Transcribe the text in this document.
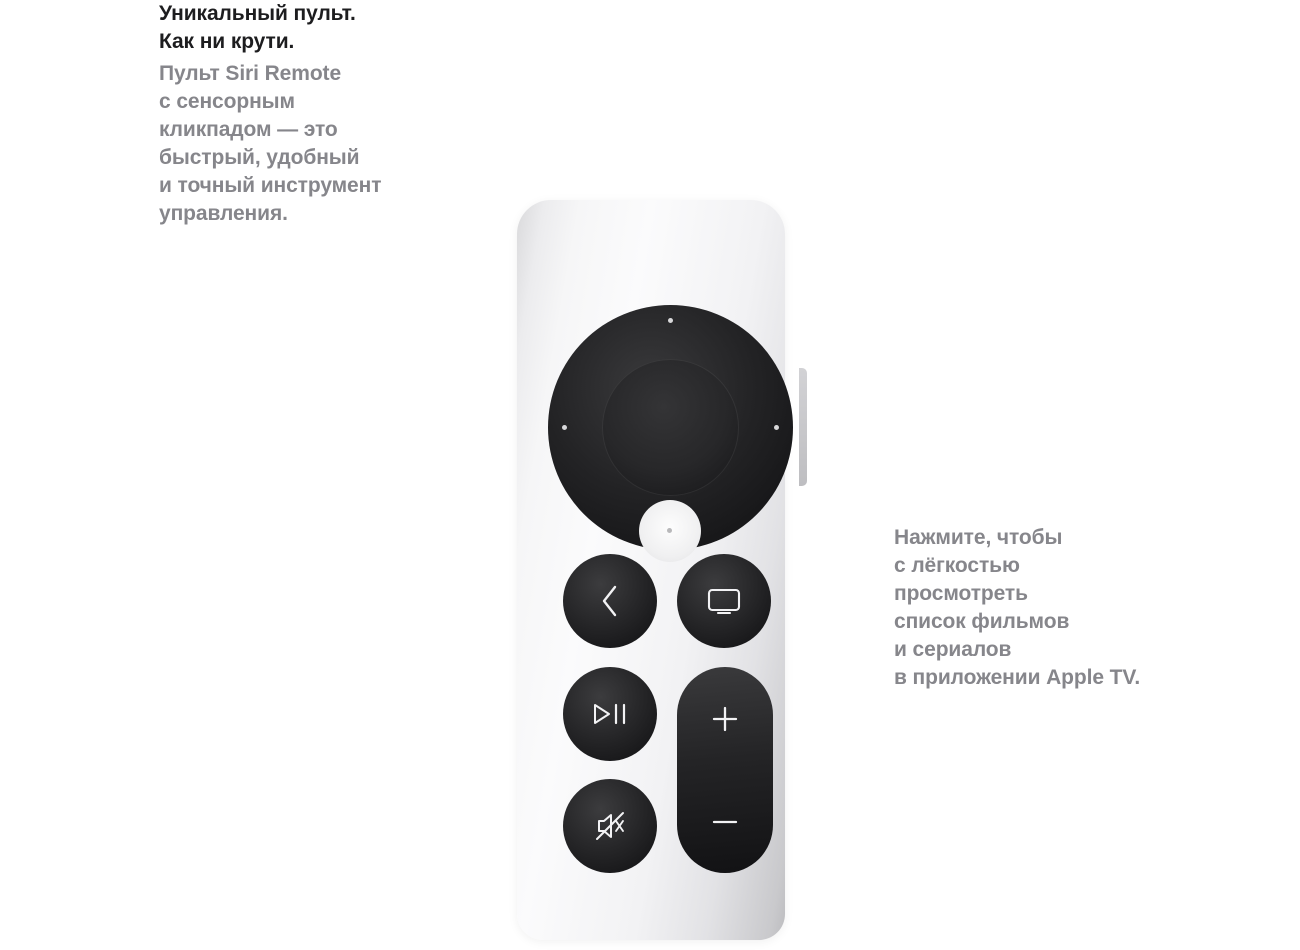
Уникальный пульт.
Как ни крути.
Пульт Siri Remote
с сенсорным
кликпадом — это
быстрый, удобный
и точный инструмент
управления.
Нажмите, чтобы
с лёгкостью
просмотреть
список фильмов
и сериалов
в приложении Apple TV.
